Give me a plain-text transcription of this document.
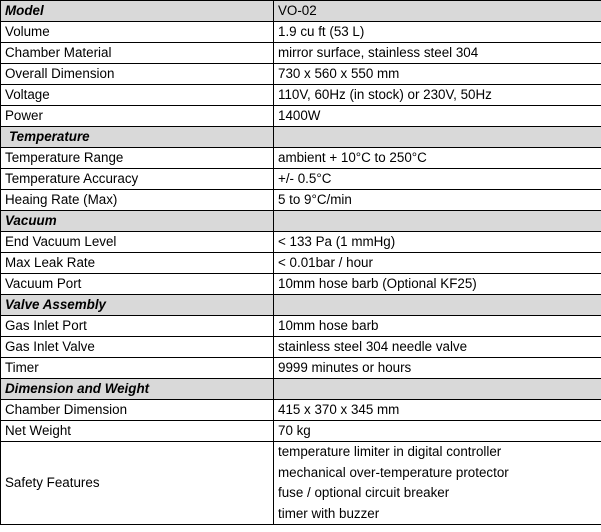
Model	VO-02
Volume	1.9 cu ft (53 L)
Chamber Material	mirror surface, stainless steel 304
Overall Dimension	730 x 560 x 550 mm
Voltage	110V, 60Hz (in stock) or 230V, 50Hz
Power	1400W
Temperature	
Temperature Range	ambient + 10°C to 250°C
Temperature Accuracy	+/- 0.5°C
Heaing Rate (Max)	5 to 9°C/min
Vacuum	
End Vacuum Level	< 133 Pa (1 mmHg)
Max Leak Rate	< 0.01bar / hour
Vacuum Port	10mm hose barb (Optional KF25)
Valve Assembly	
Gas Inlet Port	10mm hose barb
Gas Inlet Valve	stainless steel 304 needle valve
Timer	9999 minutes or hours
Dimension and Weight	
Chamber Dimension	415 x 370 x 345 mm
Net Weight	70 kg
Safety Features	temperature limiter in digital controller
mechanical over-temperature protector
fuse / optional circuit breaker
timer with buzzer
